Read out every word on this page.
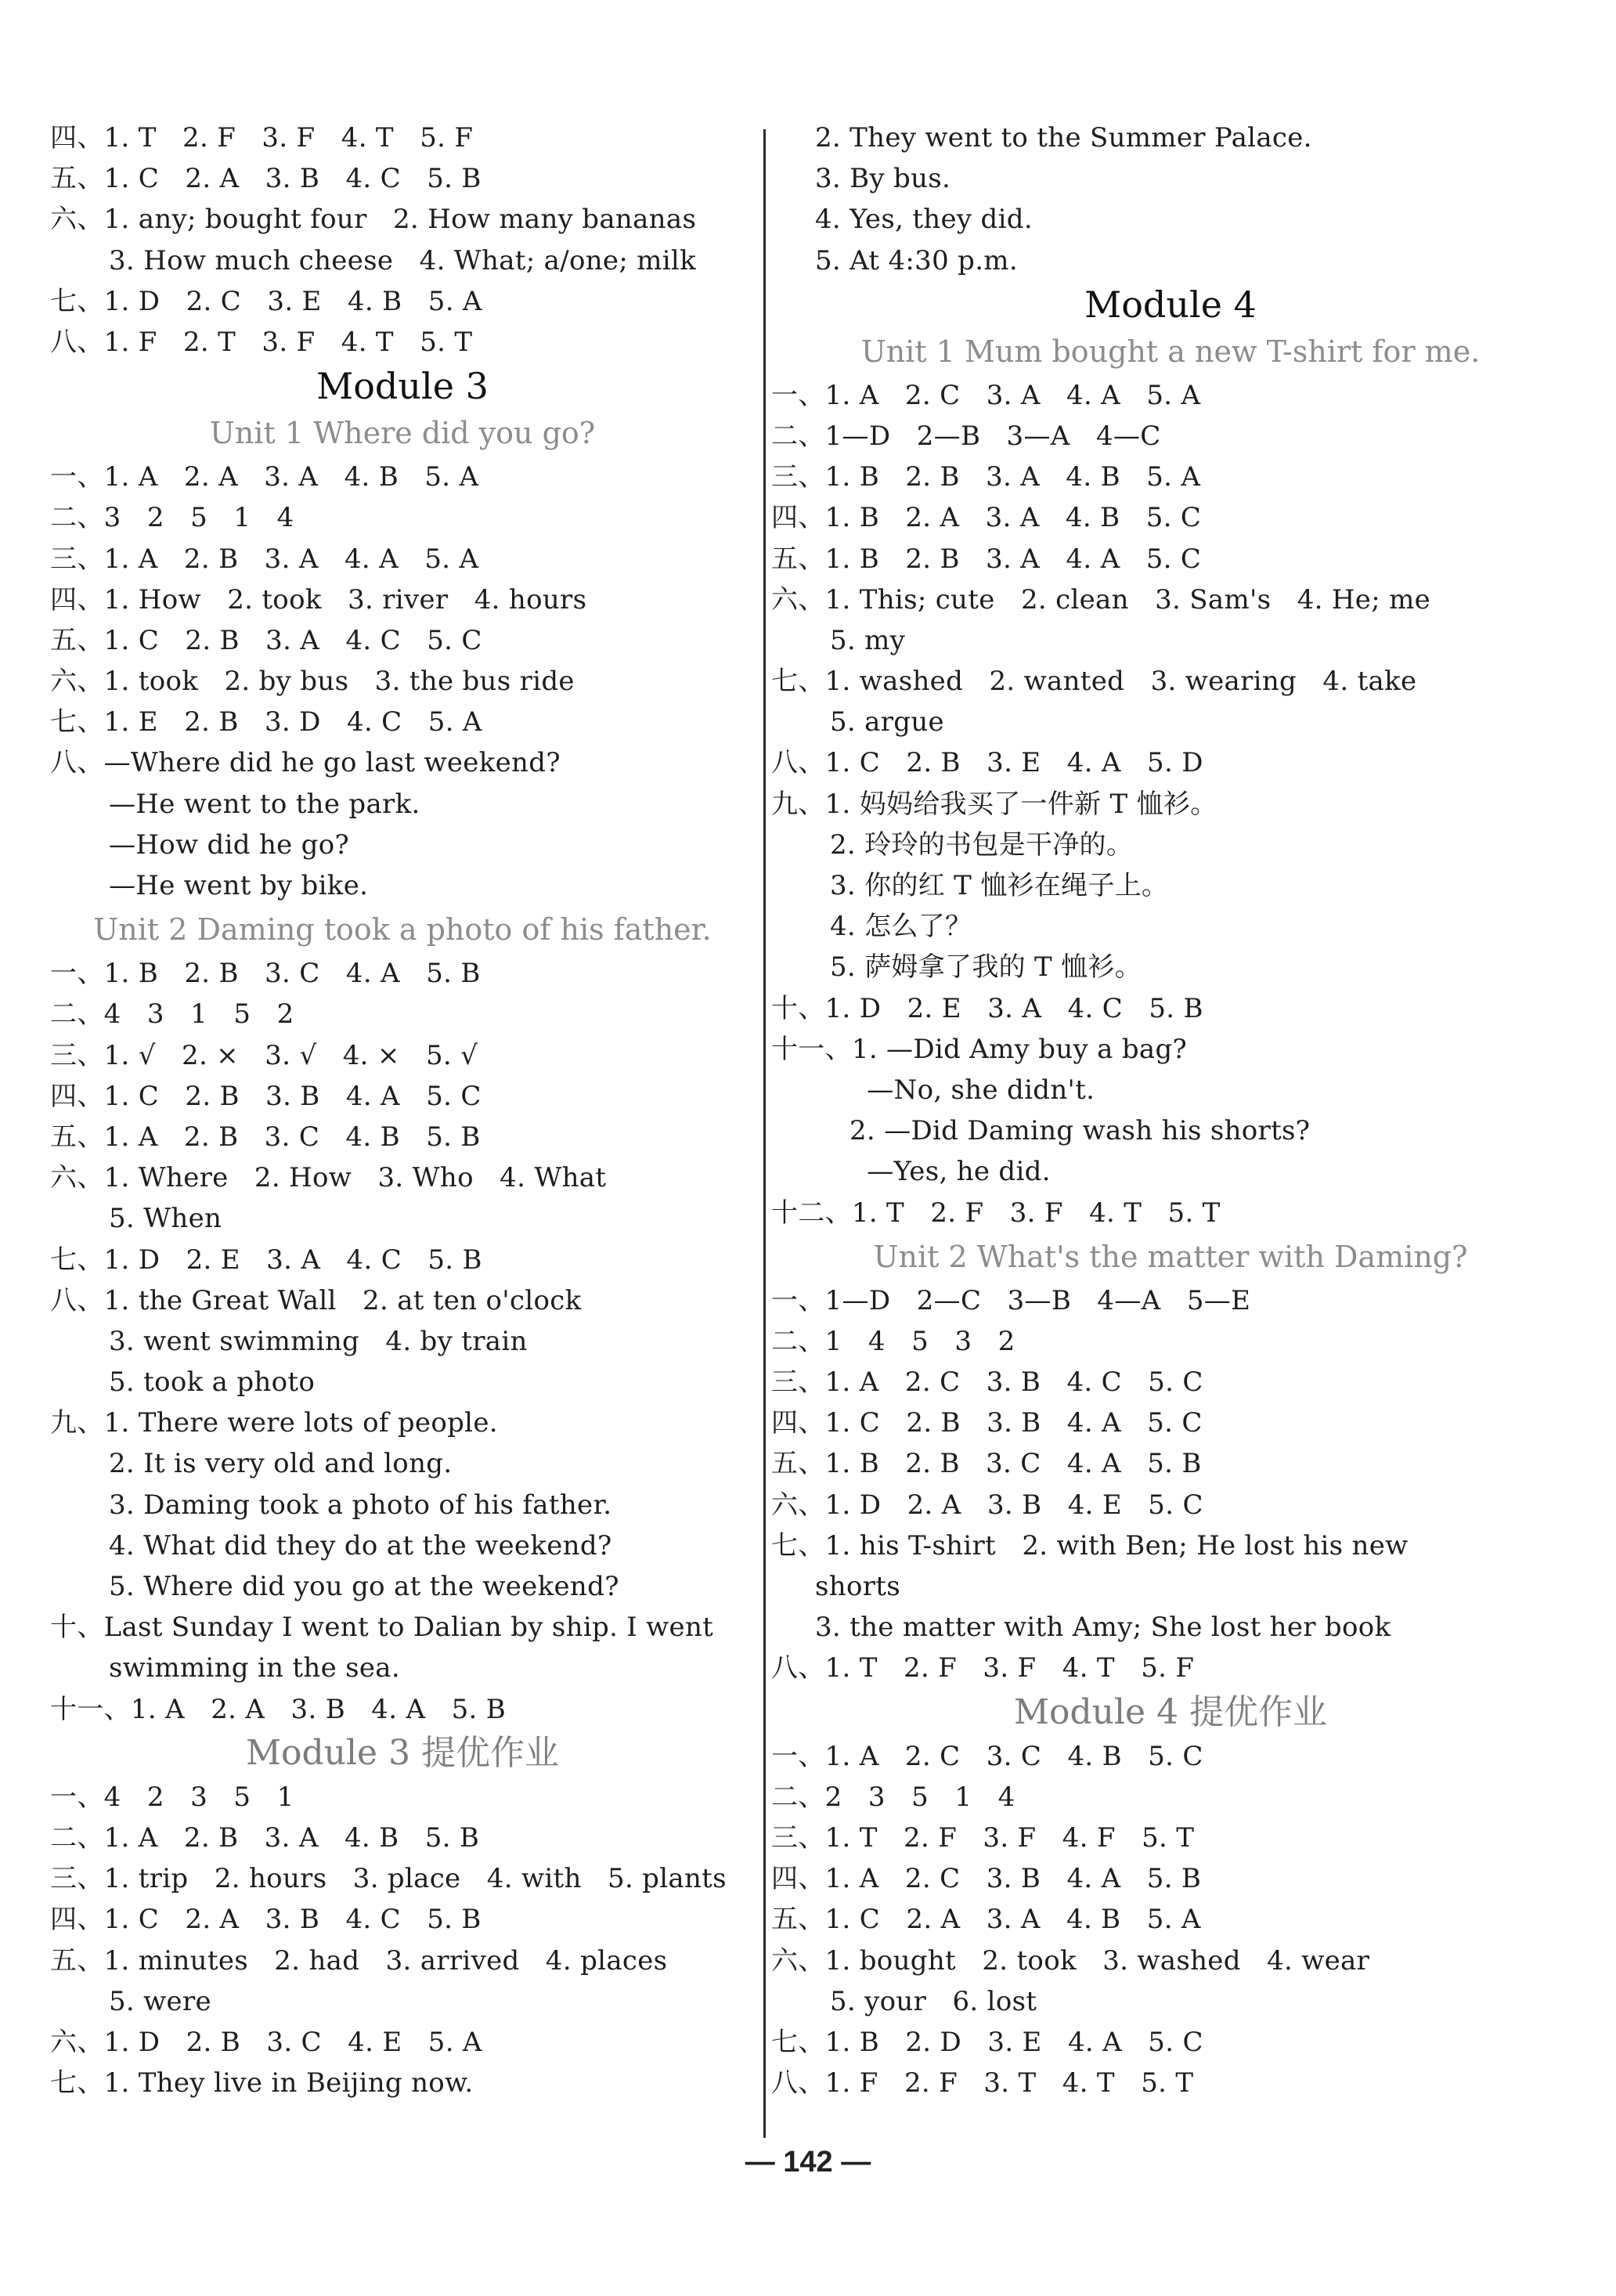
四、1. T   2. F   3. F   4. T   5. F
五、1. C   2. A   3. B   4. C   5. B
六、1. any; bought four   2. How many bananas
3. How much cheese   4. What; a/one; milk
七、1. D   2. C   3. E   4. B   5. A
八、1. F   2. T   3. F   4. T   5. T
Module 3
Unit 1 Where did you go?
一、1. A   2. A   3. A   4. B   5. A
二、3   2   5   1   4
三、1. A   2. B   3. A   4. A   5. A
四、1. How   2. took   3. river   4. hours
五、1. C   2. B   3. A   4. C   5. C
六、1. took   2. by bus   3. the bus ride
七、1. E   2. B   3. D   4. C   5. A
八、—Where did he go last weekend?
—He went to the park.
—How did he go?
—He went by bike.
Unit 2 Daming took a photo of his father.
一、1. B   2. B   3. C   4. A   5. B
二、4   3   1   5   2
三、1. √   2. ×   3. √   4. ×   5. √
四、1. C   2. B   3. B   4. A   5. C
五、1. A   2. B   3. C   4. B   5. B
六、1. Where   2. How   3. Who   4. What
5. When
七、1. D   2. E   3. A   4. C   5. B
八、1. the Great Wall   2. at ten o'clock
3. went swimming   4. by train
5. took a photo
九、1. There were lots of people.
2. It is very old and long.
3. Daming took a photo of his father.
4. What did they do at the weekend?
5. Where did you go at the weekend?
十、Last Sunday I went to Dalian by ship. I went
swimming in the sea.
十一、1. A   2. A   3. B   4. A   5. B
Module 3 提优作业
一、4   2   3   5   1
二、1. A   2. B   3. A   4. B   5. B
三、1. trip   2. hours   3. place   4. with   5. plants
四、1. C   2. A   3. B   4. C   5. B
五、1. minutes   2. had   3. arrived   4. places
5. were
六、1. D   2. B   3. C   4. E   5. A
七、1. They live in Beijing now.
2. They went to the Summer Palace.
3. By bus.
4. Yes, they did.
5. At 4:30 p.m.
Module 4
Unit 1 Mum bought a new T-shirt for me.
一、1. A   2. C   3. A   4. A   5. A
二、1—D   2—B   3—A   4—C
三、1. B   2. B   3. A   4. B   5. A
四、1. B   2. A   3. A   4. B   5. C
五、1. B   2. B   3. A   4. A   5. C
六、1. This; cute   2. clean   3. Sam's   4. He; me
5. my
七、1. washed   2. wanted   3. wearing   4. take
5. argue
八、1. C   2. B   3. E   4. A   5. D
九、1. 妈妈给我买了一件新 T 恤衫。
2. 玲玲的书包是干净的。
3. 你的红 T 恤衫在绳子上。
4. 怎么了？
5. 萨姆拿了我的 T 恤衫。
十、1. D   2. E   3. A   4. C   5. B
十一、1. —Did Amy buy a bag?
—No, she didn't.
2. —Did Daming wash his shorts?
—Yes, he did.
十二、1. T   2. F   3. F   4. T   5. T
Unit 2 What's the matter with Daming?
一、1—D   2—C   3—B   4—A   5—E
二、1   4   5   3   2
三、1. A   2. C   3. B   4. C   5. C
四、1. C   2. B   3. B   4. A   5. C
五、1. B   2. B   3. C   4. A   5. B
六、1. D   2. A   3. B   4. E   5. C
七、1. his T-shirt   2. with Ben; He lost his new
shorts
3. the matter with Amy; She lost her book
八、1. T   2. F   3. F   4. T   5. F
Module 4 提优作业
一、1. A   2. C   3. C   4. B   5. C
二、2   3   5   1   4
三、1. T   2. F   3. F   4. F   5. T
四、1. A   2. C   3. B   4. A   5. B
五、1. C   2. A   3. A   4. B   5. A
六、1. bought   2. took   3. washed   4. wear
5. your   6. lost
七、1. B   2. D   3. E   4. A   5. C
八、1. F   2. F   3. T   4. T   5. T
— 142 —
